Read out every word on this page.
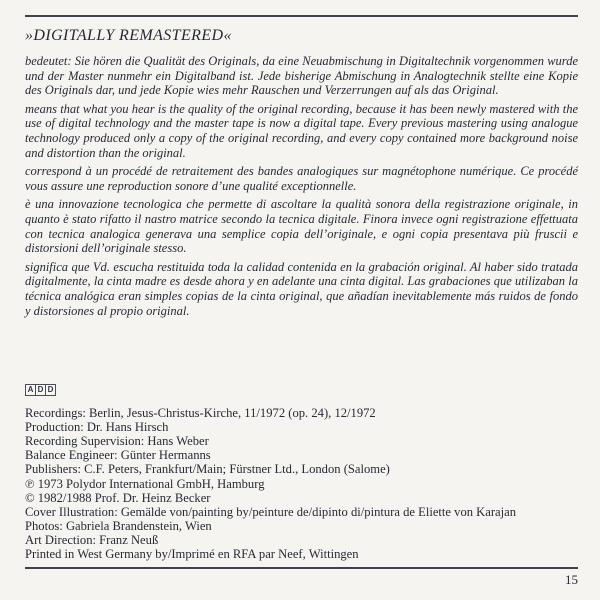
»DIGITALLY REMASTERED«

bedeutet: Sie hören die Qualität des Originals, da eine Neuabmischung in Digitaltechnik vorgenommen wurde und der Master nunmehr ein Digitalband ist. Jede bisherige Abmischung in Analogtechnik stellte eine Kopie des Originals dar, und jede Kopie wies mehr Rauschen und Verzerrungen auf als das Original.

means that what you hear is the quality of the original recording, because it has been newly mastered with the use of digital technology and the master tape is now a digital tape. Every previous mastering using analogue technology produced only a copy of the original recording, and every copy contained more background noise and distortion than the original.

correspond à un procédé de retraitement des bandes analogiques sur magnétophone numérique. Ce procédé vous assure une reproduction sonore d’une qualité exceptionnelle.

è una innovazione tecnologica che permette di ascoltare la qualità sonora della registrazione originale, in quanto è stato rifatto il nastro matrice secondo la tecnica digitale. Finora invece ogni registrazione effettuata con tecnica analogica generava una semplice copia dell’originale, e ogni copia presentava più fruscii e distorsioni dell’originale stesso.

significa que Vd. escucha restituida toda la calidad contenida en la grabación original. Al haber sido tratada digitalmente, la cinta madre es desde ahora y en adelante una cinta digital. Las grabaciones que utilizaban la técnica analógica eran simples copias de la cinta original, que añadían inevitablemente más ruidos de fondo y distorsiones al propio original.

A D D
Recordings: Berlin, Jesus-Christus-Kirche, 11/1972 (op. 24), 12/1972
Production: Dr. Hans Hirsch
Recording Supervision: Hans Weber
Balance Engineer: Günter Hermanns
Publishers: C.F. Peters, Frankfurt/Main; Fürstner Ltd., London (Salome)
℗ 1973 Polydor International GmbH, Hamburg
© 1982/1988 Prof. Dr. Heinz Becker
Cover Illustration: Gemälde von/painting by/peinture de/dipinto di/pintura de Eliette von Karajan
Photos: Gabriela Brandenstein, Wien
Art Direction: Franz Neuß
Printed in West Germany by/Imprimé en RFA par Neef, Wittingen
15
